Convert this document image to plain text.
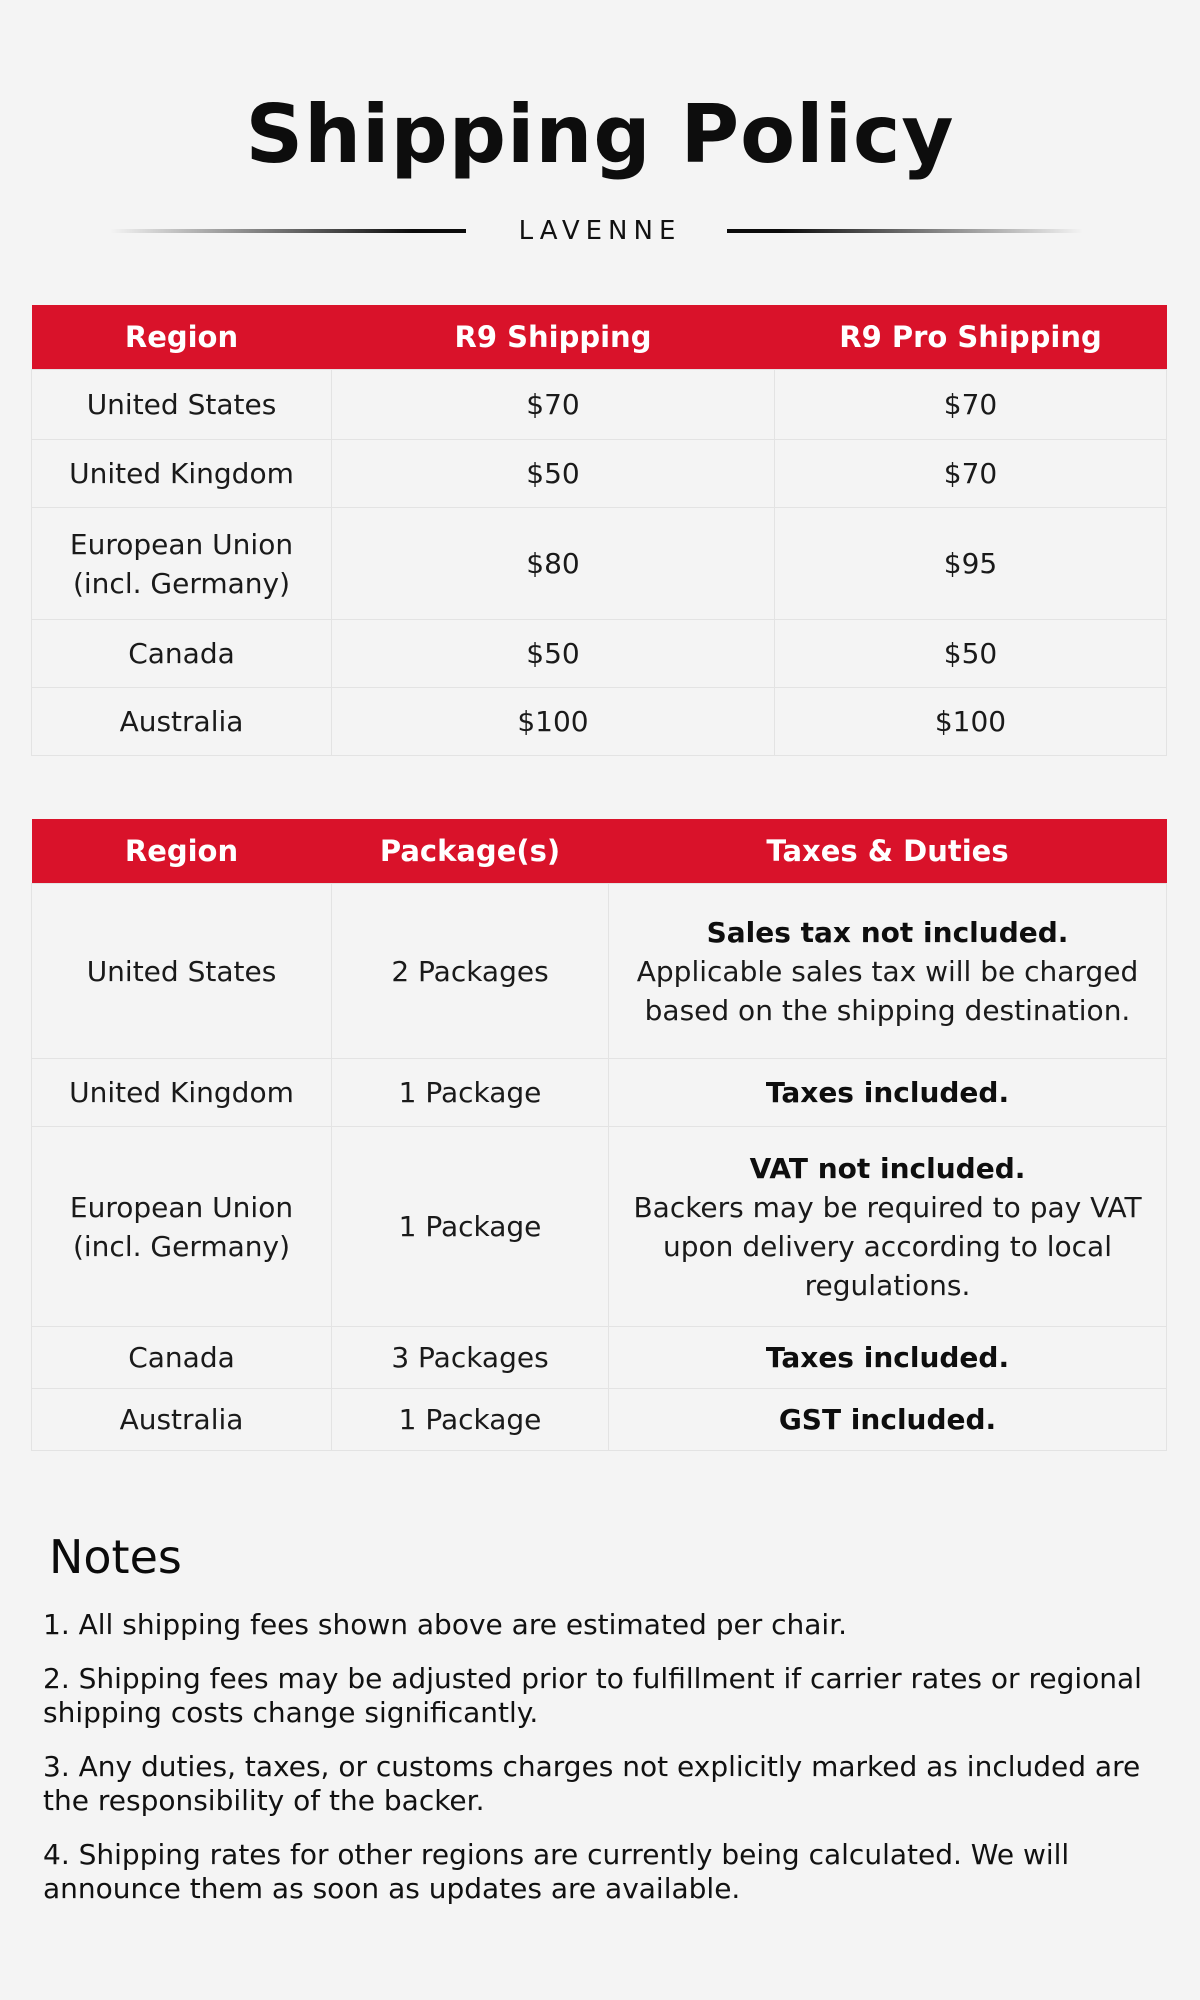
Shipping Policy
LAVENNE
Region	R9 Shipping	R9 Pro Shipping
United States	$70	$70
United Kingdom	$50	$70
European Union (incl. Germany)	$80	$95
Canada	$50	$50
Australia	$100	$100
Region	Package(s)	Taxes & Duties
United States	2 Packages	Sales tax not included.
Applicable sales tax will be charged based on the shipping destination.

United Kingdom	1 Package	Taxes included.

European Union (incl. Germany)	1 Package	VAT not included.
Backers may be required to pay VAT upon delivery according to local regulations.

Canada	3 Packages	Taxes included.

Australia	1 Package	GST included.
Notes
1. All shipping fees shown above are estimated per chair.
2. Shipping fees may be adjusted prior to fulfillment if carrier rates or regional shipping costs change significantly.
3. Any duties, taxes, or customs charges not explicitly marked as included are the responsibility of the backer.
4. Shipping rates for other regions are currently being calculated. We will announce them as soon as updates are available.
